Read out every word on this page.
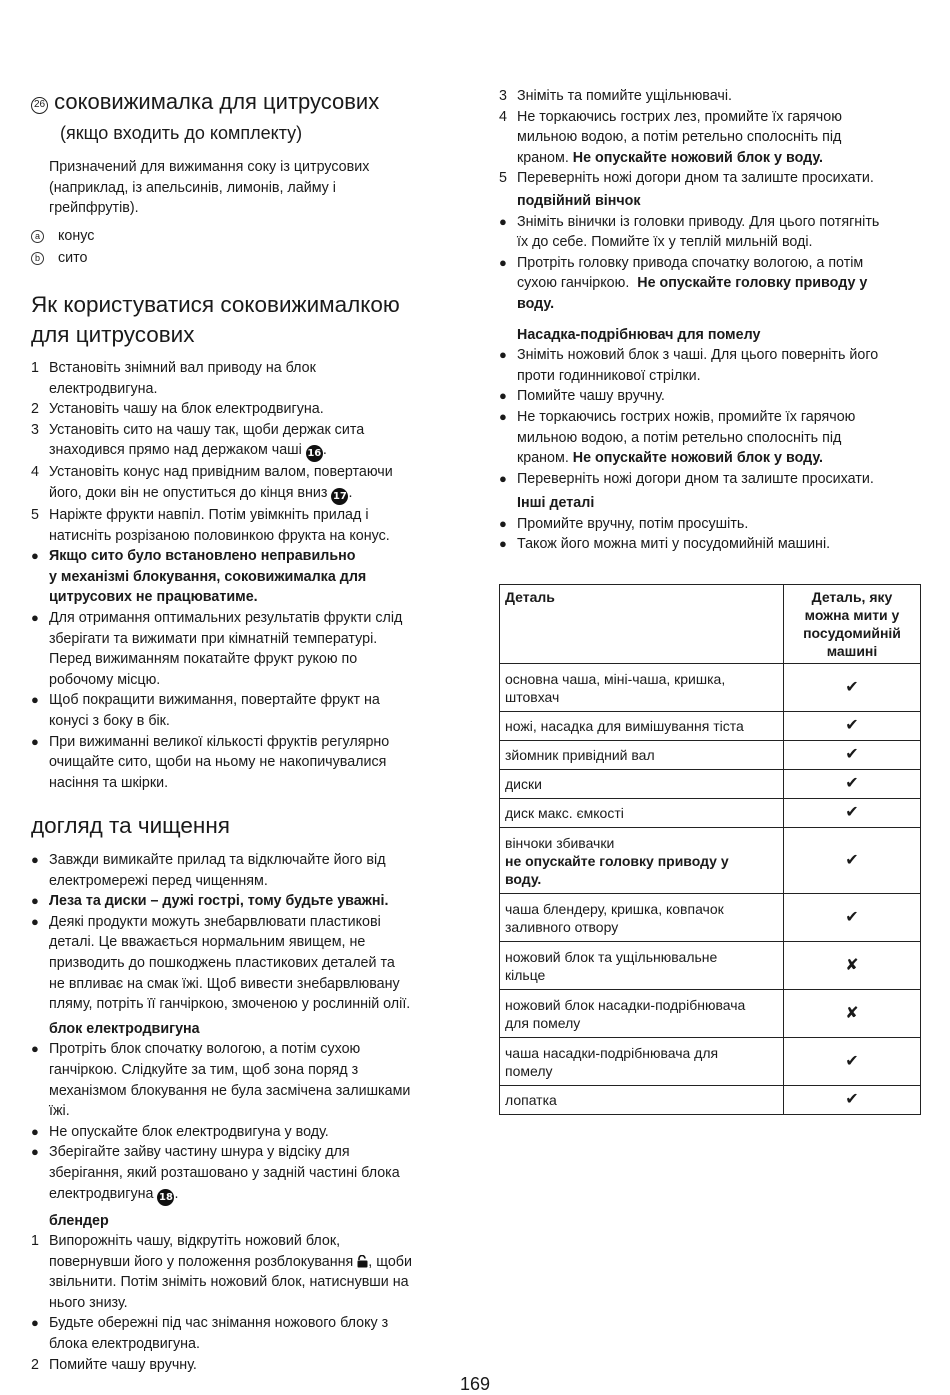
26 соковижималка для цитрусових
(якщо входить до комплекту)
Призначений для вижимання соку із цитрусових
(наприклад, із апельсинів, лимонів, лайму і
грейпфрутів).
a конус
b сито
Як користуватися соковижималкою
для цитрусових
1 Встановіть знімний вал приводу на блок
електродвигуна.
2 Установіть чашу на блок електродвигуна.
3 Установіть сито на чашу так, щоби держак сита
знаходився прямо над держаком чаші 16 .
4 Установіть конус над привідним валом, повертаючи
його, доки він не опуститься до кінця вниз 17 .
5 Наріжте фрукти навпіл. Потім увімкніть прилад і
натисніть розрізаною половинкою фрукта на конус.
● Якщо сито було встановлено неправильно
у механізмі блокування, соковижималка для
цитрусових не працюватиме.
● Для отримання оптимальних результатів фрукти слід
зберігати та вижимати при кімнатній температурі.
Перед вижиманням покатайте фрукт рукою по
робочому місцю.
● Щоб покращити вижимання, повертайте фрукт на
конусі з боку в бік.
● При вижиманні великої кількості фруктів регулярно
очищайте сито, щоби на ньому не накопичувалися
насіння та шкірки.
догляд та чищення
● Завжди вимикайте прилад та відключайте його від
електромережі перед чищенням.
● Леза та диски – дужі гострі, тому будьте уважні.
● Деякі продукти можуть знебарвлювати пластикові
деталі. Це вважається нормальним явищем, не
призводить до пошкоджень пластикових деталей та
не впливає на смак їжі. Щоб вивести знебарвлювану
пляму, потріть її ганчіркою, змоченою у рослинній олії.
блок електродвигуна
● Протріть блок спочатку вологою, а потім сухою
ганчіркою. Слідкуйте за тим, щоб зона поряд з
механізмом блокування не була засмічена залишками
їжі.
● Не опускайте блок електродвигуна у воду.
● Зберігайте зайву частину шнура у відсіку для
зберігання, який розташовано у задній частині блока
електродвигуна 18 .
блендер
1 Випорожніть чашу, відкрутіть ножовий блок,
повернувши його у положення розблокування , щоби
звільнити. Потім зніміть ножовий блок, натиснувши на
нього знизу.
● Будьте обережні під час знімання ножового блоку з
блока електродвигуна.
2 Помийте чашу вручну.
3 Зніміть та помийте ущільнювачі.
4 Не торкаючись гострих лез, промийте їх гарячою
мильною водою, а потім ретельно сполосніть під
краном. Не опускайте ножовий блок у воду.
5 Переверніть ножі догори дном та залиште просихати.
подвійний вінчок
● Зніміть вінички із головки приводу. Для цього потягніть
їх до себе. Помийте їх у теплій мильній воді.
● Протріть головку привода спочатку вологою, а потім
сухою ганчіркою. Не опускайте головку приводу у
воду.
Насадка-подрібнювач для помелу
● Зніміть ножовий блок з чаші. Для цього поверніть його
проти годинникової стрілки.
● Помийте чашу вручну.
● Не торкаючись гострих ножів, промийте їх гарячою
мильною водою, а потім ретельно сполосніть під
краном. Не опускайте ножовий блок у воду.
● Переверніть ножі догори дном та залиште просихати.
Інші деталі
● Промийте вручну, потім просушіть.
● Також його можна миті у посудомийній машині.
Деталь	Деталь, яку
можна мити у
посудомийній
машині

основна чаша, міні-чаша, кришка,
штовхач	✔

ножі, насадка для вимішування тіста	✔

зйомник привідний вал	✔

диски	✔

диск макс. ємкості	✔

вінчоки збивачки
не опускайте головку приводу у
воду.	✔

чаша блендеру, кришка, ковпачок
заливного отвору	✔

ножовий блок та ущільнювальне
кільце	✘

ножовий блок насадки-подрібнювача
для помелу	✘

чаша насадки-подрібнювача для
помелу	✔

лопатка	✔
169
